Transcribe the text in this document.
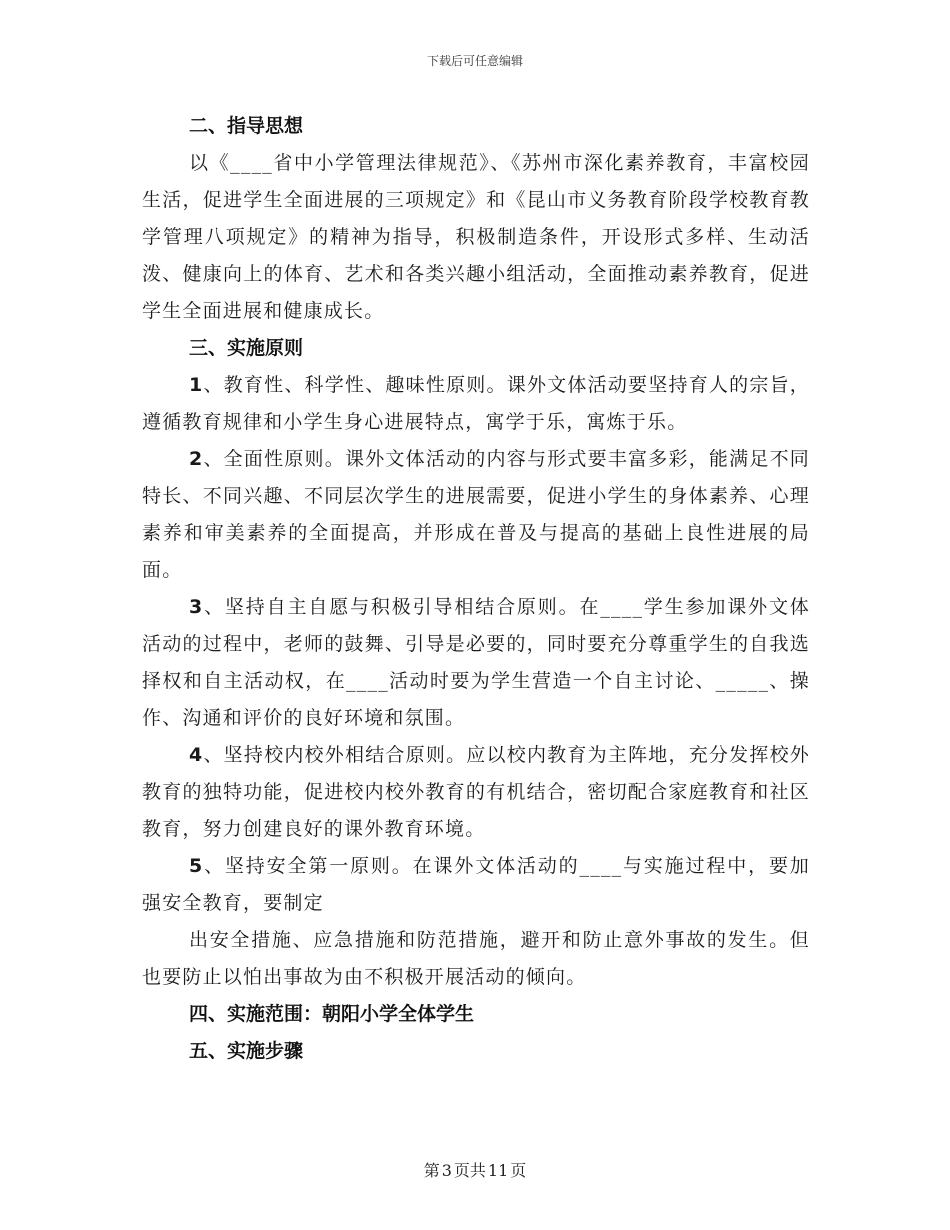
下载后可任意编辑

二、指导思想

以《____省中小学管理法律规范》、《苏州市深化素养教育，丰富校园生活，促进学生全面进展的三项规定》和《昆山市义务教育阶段学校教育教学管理八项规定》的精神为指导，积极制造条件，开设形式多样、生动活泼、健康向上的体育、艺术和各类兴趣小组活动，全面推动素养教育，促进学生全面进展和健康成长。

三、实施原则

1、教育性、科学性、趣味性原则。课外文体活动要坚持育人的宗旨，遵循教育规律和小学生身心进展特点，寓学于乐，寓炼于乐。

2、全面性原则。课外文体活动的内容与形式要丰富多彩，能满足不同特长、不同兴趣、不同层次学生的进展需要，促进小学生的身体素养、心理素养和审美素养的全面提高，并形成在普及与提高的基础上良性进展的局面。

3、坚持自主自愿与积极引导相结合原则。在____学生参加课外文体活动的过程中，老师的鼓舞、引导是必要的，同时要充分尊重学生的自我选择权和自主活动权，在____活动时要为学生营造一个自主讨论、_____、操作、沟通和评价的良好环境和氛围。

4、坚持校内校外相结合原则。应以校内教育为主阵地，充分发挥校外教育的独特功能，促进校内校外教育的有机结合，密切配合家庭教育和社区教育，努力创建良好的课外教育环境。

5、坚持安全第一原则。在课外文体活动的____与实施过程中，要加强安全教育，要制定

出安全措施、应急措施和防范措施，避开和防止意外事故的发生。但也要防止以怕出事故为由不积极开展活动的倾向。

四、实施范围：朝阳小学全体学生

五、实施步骤

第 3 页共 11 页
